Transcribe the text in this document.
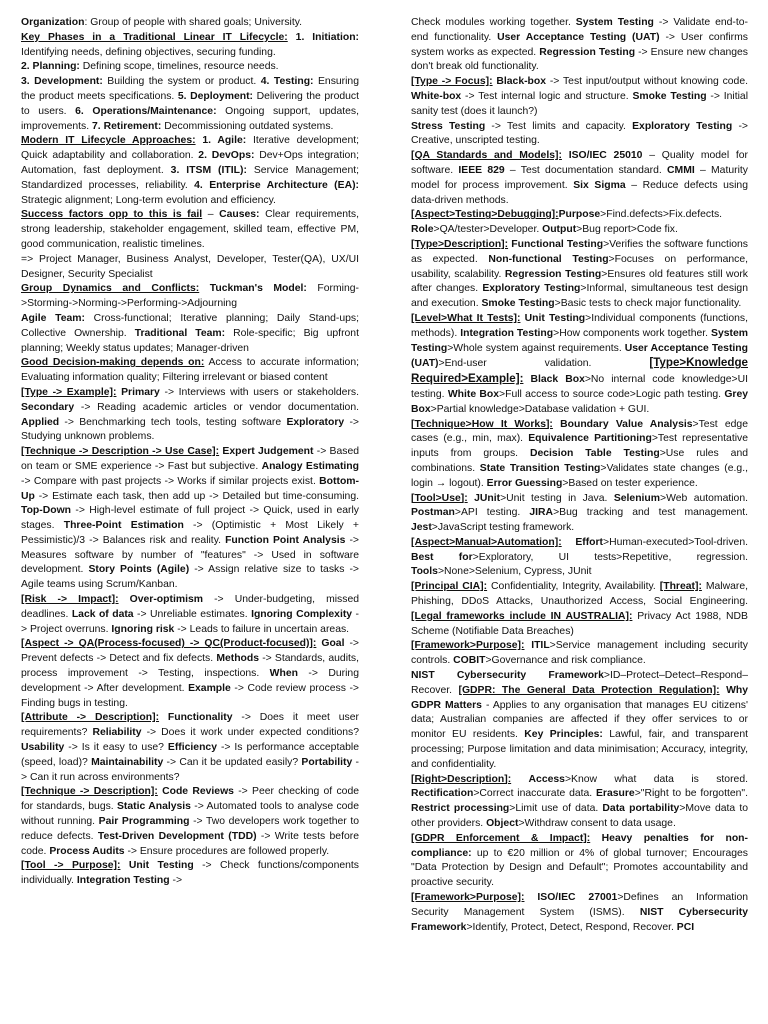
Organization: Group of people with shared goals; University.

Key Phases in a Traditional Linear IT Lifecycle: 1. Initiation: Identifying needs, defining objectives, securing funding.

2. Planning: Defining scope, timelines, resource needs.

3. Development: Building the system or product. 4. Testing: Ensuring the product meets specifications. 5. Deployment: Delivering the product to users. 6. Operations/Maintenance: Ongoing support, updates, improvements. 7. Retirement: Decommissioning outdated systems.

Modern IT Lifecycle Approaches: 1. Agile: Iterative development; Quick adaptability and collaboration. 2. DevOps: Dev+Ops integration; Automation, fast deployment. 3. ITSM (ITIL): Service Management; Standardized processes, reliability. 4. Enterprise Architecture (EA): Strategic alignment; Long-term evolution and efficiency.

Success factors opp to this is fail – Causes: Clear requirements, strong leadership, stakeholder engagement, skilled team, effective PM, good communication, realistic timelines.

=> Project Manager, Business Analyst, Developer, Tester(QA), UX/UI Designer, Security Specialist

Group Dynamics and Conflicts: Tuckman's Model: Forming->Storming->Norming->Performing->Adjourning

Agile Team: Cross-functional; Iterative planning; Daily Stand-ups; Collective Ownership. Traditional Team: Role-specific; Big upfront planning; Weekly status updates; Manager-driven

Good Decision-making depends on: Access to accurate information; Evaluating information quality; Filtering irrelevant or biased content

[Type -> Example]: Primary -> Interviews with users or stakeholders. Secondary -> Reading academic articles or vendor documentation. Applied -> Benchmarking tech tools, testing software Exploratory -> Studying unknown problems.

[Technique -> Description -> Use Case]: Expert Judgement -> Based on team or SME experience -> Fast but subjective. Analogy Estimating -> Compare with past projects -> Works if similar projects exist. Bottom-Up -> Estimate each task, then add up -> Detailed but time-consuming. Top-Down -> High-level estimate of full project -> Quick, used in early stages. Three-Point Estimation -> (Optimistic + Most Likely + Pessimistic)/3 -> Balances risk and reality. Function Point Analysis -> Measures software by number of "features" -> Used in software development. Story Points (Agile) -> Assign relative size to tasks -> Agile teams using Scrum/Kanban.

[Risk -> Impact]: Over-optimism -> Under-budgeting, missed deadlines. Lack of data -> Unreliable estimates. Ignoring Complexity -> Project overruns. Ignoring risk -> Leads to failure in uncertain areas.

[Aspect -> QA(Process-focused) -> QC(Product-focused)]: Goal -> Prevent defects -> Detect and fix defects. Methods -> Standards, audits, process improvement -> Testing, inspections. When -> During development -> After development. Example -> Code review process -> Finding bugs in testing.

[Attribute -> Description]: Functionality -> Does it meet user requirements? Reliability -> Does it work under expected conditions? Usability -> Is it easy to use? Efficiency -> Is performance acceptable (speed, load)? Maintainability -> Can it be updated easily? Portability -> Can it run across environments?

[Technique -> Description]: Code Reviews -> Peer checking of code for standards, bugs. Static Analysis -> Automated tools to analyse code without running. Pair Programming -> Two developers work together to reduce defects. Test-Driven Development (TDD) -> Write tests before code. Process Audits -> Ensure procedures are followed properly.

[Tool -> Purpose]: Unit Testing -> Check functions/components individually. Integration Testing ->

Check modules working together. System Testing -> Validate end-to-end functionality. User Acceptance Testing (UAT) -> User confirms system works as expected. Regression Testing -> Ensure new changes don't break old functionality.

[Type -> Focus]: Black-box -> Test input/output without knowing code. White-box -> Test internal logic and structure. Smoke Testing -> Initial sanity test (does it launch?)

Stress Testing -> Test limits and capacity. Exploratory Testing -> Creative, unscripted testing.

[QA Standards and Models]: ISO/IEC 25010 – Quality model for software. IEEE 829 – Test documentation standard. CMMI – Maturity model for process improvement. Six Sigma – Reduce defects using data-driven methods.

[Aspect>Testing>Debugging]:Purpose>Find.defects>Fix.defects. Role>QA/tester>Developer. Output>Bug report>Code fix.

[Type>Description]: Functional Testing>Verifies the software functions as expected. Non-functional Testing>Focuses on performance, usability, scalability. Regression Testing>Ensures old features still work after changes. Exploratory Testing>Informal, simultaneous test design and execution. Smoke Testing>Basic tests to check major functionality.

[Level>What It Tests]: Unit Testing>Individual components (functions, methods). Integration Testing>How components work together. System Testing>Whole system against requirements. User Acceptance Testing (UAT)>End-user validation. [Type>Knowledge Required>Example]: Black Box>No internal code knowledge>UI testing. White Box>Full access to source code>Logic path testing. Grey Box>Partial knowledge>Database validation + GUI.

[Technique>How It Works]: Boundary Value Analysis>Test edge cases (e.g., min, max). Equivalence Partitioning>Test representative inputs from groups. Decision Table Testing>Use rules and combinations. State Transition Testing>Validates state changes (e.g., login → logout). Error Guessing>Based on tester experience.

[Tool>Use]: JUnit>Unit testing in Java. Selenium>Web automation. Postman>API testing. JIRA>Bug tracking and test management. Jest>JavaScript testing framework.

[Aspect>Manual>Automation]: Effort>Human-executed>Tool-driven. Best for>Exploratory, UI tests>Repetitive, regression. Tools>None>Selenium, Cypress, JUnit

[Principal CIA]: Confidentiality, Integrity, Availability. [Threat]: Malware, Phishing, DDoS Attacks, Unauthorized Access, Social Engineering. [Legal frameworks include IN AUSTRALIA]: Privacy Act 1988, NDB Scheme (Notifiable Data Breaches)

[Framework>Purpose]: ITIL>Service management including security controls. COBIT>Governance and risk compliance.

NIST Cybersecurity Framework>ID–Protect–Detect–Respond–Recover. [GDPR: The General Data Protection Regulation]: Why GDPR Matters - Applies to any organisation that manages EU citizens' data; Australian companies are affected if they offer services to or monitor EU residents. Key Principles: Lawful, fair, and transparent processing; Purpose limitation and data minimisation; Accuracy, integrity, and confidentiality.

[Right>Description]: Access>Know what data is stored. Rectification>Correct inaccurate data. Erasure>"Right to be forgotten". Restrict processing>Limit use of data. Data portability>Move data to other providers. Object>Withdraw consent to data usage.

[GDPR Enforcement & Impact]: Heavy penalties for non-compliance: up to €20 million or 4% of global turnover; Encourages "Data Protection by Design and Default"; Promotes accountability and proactive security.

[Framework>Purpose]: ISO/IEC 27001>Defines an Information Security Management System (ISMS). NIST Cybersecurity Framework>Identify, Protect, Detect, Respond, Recover. PCI
